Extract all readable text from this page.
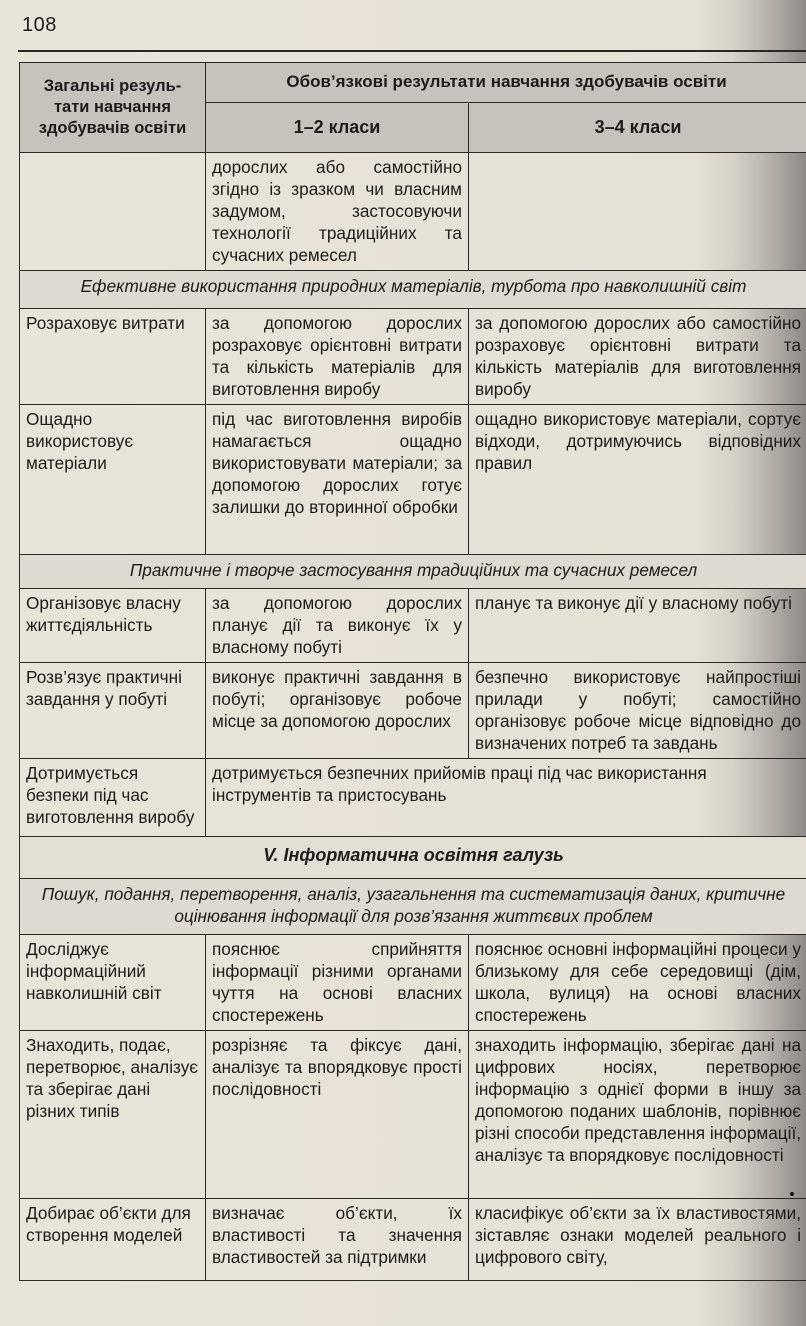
108
Загальні резуль-
тати навчання
здобувачів освіти	Обов’язкові результати навчання здобувачів освіти	
	1–2 класи	3–4 класи
	дорослих або самостійно згідно із зразком чи власним задумом, застосовуючи технології традиційних та сучасних ремесел	
Ефективне використання природних матеріалів, турбота про навколишній світ		
Розраховує витрати	за допомогою дорослих розраховує орієнтовні витрати та кількість матеріалів для виготовлення виробу	за допомогою дорослих або самостійно розраховує орієнтовні витрати та кількість матеріалів для виготовлення виробу
Ощадно використовує матеріали	під час виготовлення виробів намагається ощадно використовувати матеріали; за допомогою дорослих готує залишки до вторинної обробки	ощадно використовує матеріали, сортує відходи, дотримуючись відповідних правил
Практичне і творче застосування традиційних та сучасних ремесел		
Організовує власну життєдіяльність	за допомогою дорослих планує дії та виконує їх у власному побуті	планує та виконує дії у власному побуті
Розв’язує практичні завдання у побуті	виконує практичні завдання в побуті; організовує робоче місце за допомогою дорослих	безпечно використовує найпростіші прилади у побуті; самостійно організовує робоче місце відповідно до визначених потреб та завдань
Дотримується безпеки під час виготовлення виробу	дотримується безпечних прийомів праці під час використання інструментів та пристосувань	
V. Інформатична освітня галузь		
Пошук, подання, перетворення, аналіз, узагальнення та систематизація даних, критичне оцінювання інформації для розв’язання життєвих проблем		
Досліджує інформаційний навколишній світ	пояснює сприйняття інформації різними органами чуття на основі власних спостережень	пояснює основні інформаційні процеси у близькому для себе середовищі (дім, школа, вулиця) на основі власних спостережень
Знаходить, подає, перетворює, аналізує та зберігає дані різних типів	розрізняє та фіксує дані, аналізує та впорядковує прості послідовності	знаходить інформацію, зберігає дані на цифрових носіях, перетворює інформацію з однієї форми в іншу за допомогою поданих шаблонів, порівнює різні способи представлення інформації, аналізує та впорядковує послідовності
Добирає об’єкти для створення моделей	визначає об’єкти, їх властивості та значення властивостей за підтримки	класифікує об’єкти за їх властивостями, зіставляє ознаки моделей реального і цифрового світу,
